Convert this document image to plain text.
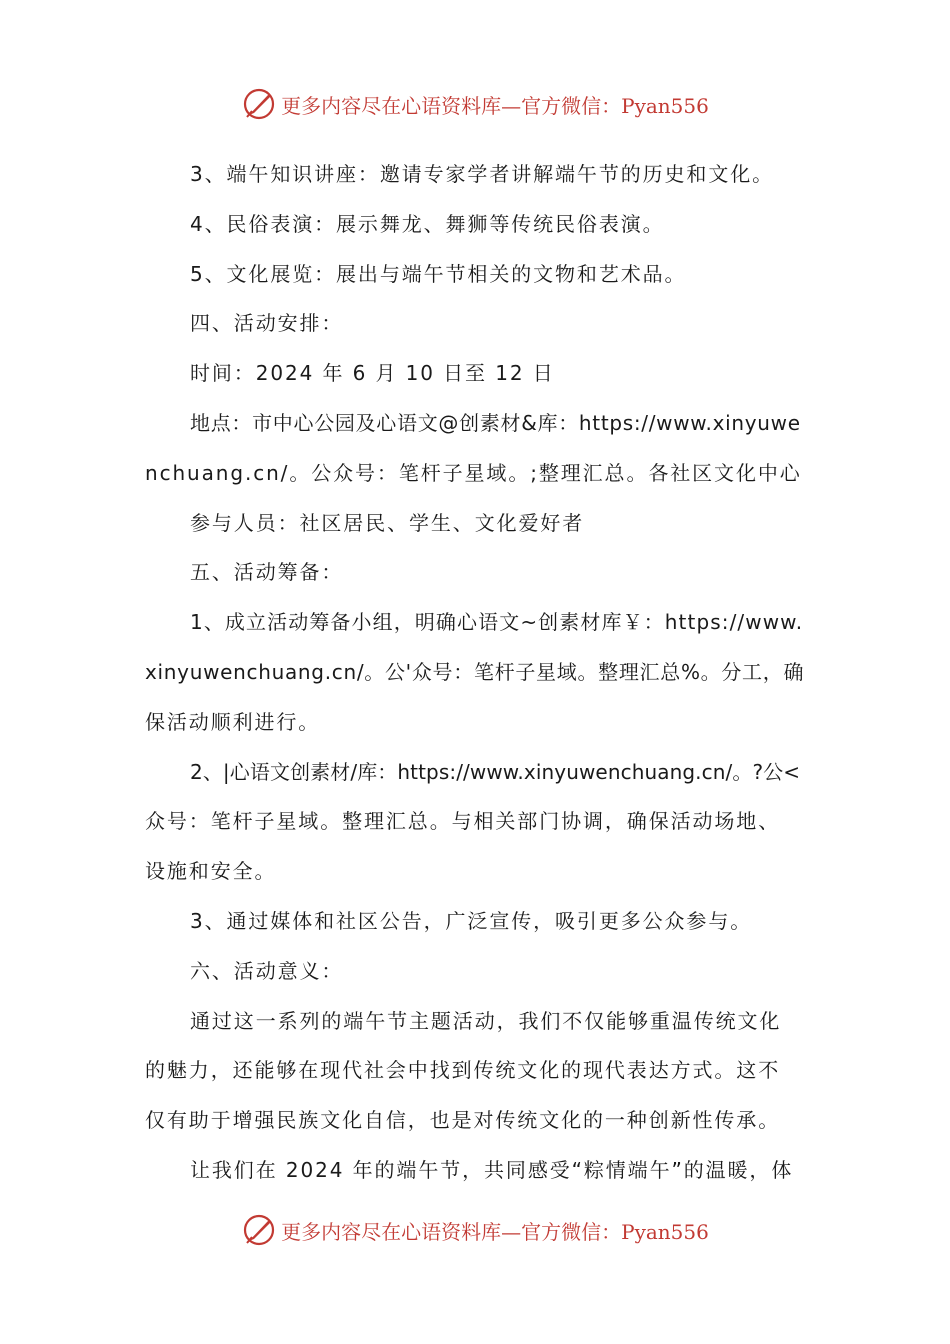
更多内容尽在心语资料库—官方微信：Pyan556
3、端午知识讲座：邀请专家学者讲解端午节的历史和文化。
4、民俗表演：展示舞龙、舞狮等传统民俗表演。
5、文化展览：展出与端午节相关的文物和艺术品。
四、活动安排：
时间：2024 年 6 月 10 日至 12 日
地点：市中心公园及心语文@创素材&库：https://www.xinyuwe
nchuang.cn/。公众号：笔杆子星域。;整理汇总。各社区文化中心
参与人员：社区居民、学生、文化爱好者
五、活动筹备：
1、成立活动筹备小组，明确心语文~创素材库￥：https://www.
xinyuwenchuang.cn/。公'众号：笔杆子星域。整理汇总%。分工，确
保活动顺利进行。
2、|心语文创素材/库：https://www.xinyuwenchuang.cn/。?公<
众号：笔杆子星域。整理汇总。与相关部门协调，确保活动场地、
设施和安全。
3、通过媒体和社区公告，广泛宣传，吸引更多公众参与。
六、活动意义：
通过这一系列的端午节主题活动，我们不仅能够重温传统文化
的魅力，还能够在现代社会中找到传统文化的现代表达方式。这不
仅有助于增强民族文化自信，也是对传统文化的一种创新性传承。
让我们在 2024 年的端午节，共同感受“粽情端午”的温暖，体
更多内容尽在心语资料库—官方微信：Pyan556
